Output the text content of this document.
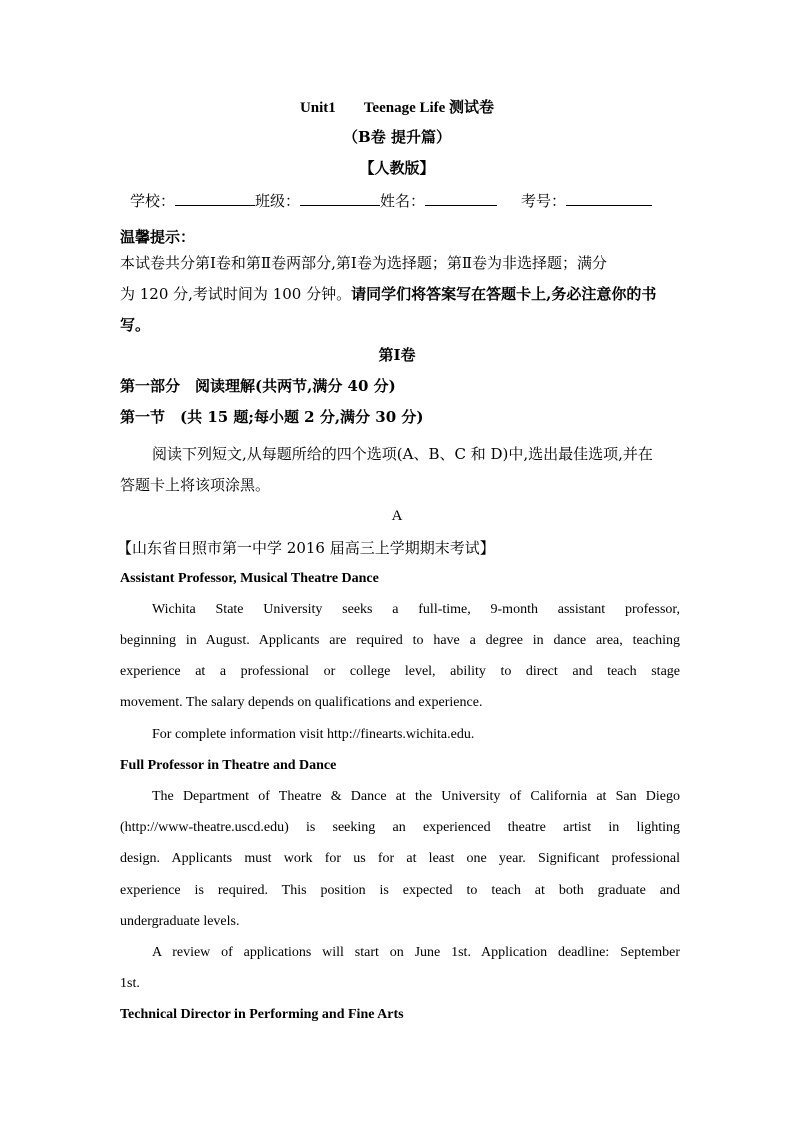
Unit1 Teenage Life 测试卷
（B卷 提升篇）
【人教版】
学校：	班级：	姓名：	考号：
温馨提示：
本试卷共分第Ⅰ卷和第Ⅱ卷两部分,第Ⅰ卷为选择题；第Ⅱ卷为非选择题；满分
为 120 分,考试时间为 100 分钟。请同学们将答案写在答题卡上,务必注意你的书
写。
第Ⅰ卷
第一部分　阅读理解(共两节,满分 40 分)
第一节　(共 15 题;每小题 2 分,满分 30 分)
阅读下列短文,从每题所给的四个选项(A、B、C 和 D)中,选出最佳选项,并在
答题卡上将该项涂黑。
A
【山东省日照市第一中学 2016 届高三上学期期末考试】
Assistant Professor, Musical Theatre Dance
Wichita State University seeks a full-time, 9-month assistant professor,
beginning in August. Applicants are required to have a degree in dance area, teaching
experience at a professional or college level, ability to direct and teach stage
movement. The salary depends on qualifications and experience.
For complete information visit http://finearts.wichita.edu.
Full Professor in Theatre and Dance
The Department of Theatre & Dance at the University of California at San Diego
(http://www-theatre.uscd.edu) is seeking an experienced theatre artist in lighting
design. Applicants must work for us for at least one year. Significant professional
experience is required. This position is expected to teach at both graduate and
undergraduate levels.
A review of applications will start on June 1st. Application deadline: September
1st.
Technical Director in Performing and Fine Arts
